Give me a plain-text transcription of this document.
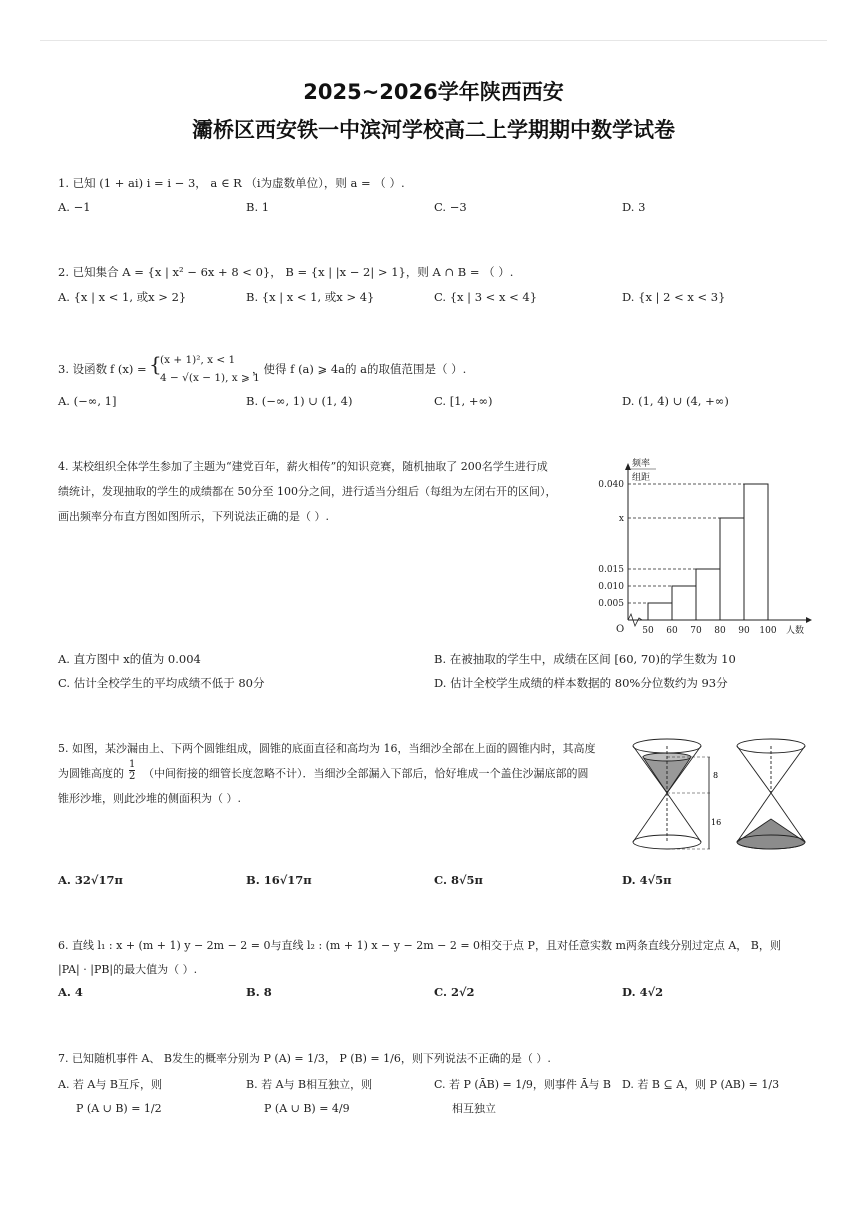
2025~2026学年陕西西安
灞桥区西安铁一中滨河学校高二上学期期中数学试卷
1. 已知 (1 + ai) i = i − 3， a ∈ R （i为虚数单位），则 a = （ ）.
A. −1	B. 1	C. −3	D. 3
2. 已知集合 A = {x | x² − 6x + 8 < 0}， B = {x | |x − 2| > 1}，则 A ∩ B = （ ）.
A. {x | x < 1, 或x > 2}	B. {x | x < 1, 或x > 4}	C. {x | 3 < x < 4}	D. {x | 2 < x < 3}
3. 设函数 f (x) = {
(x + 1)², x < 1
4 − √(x − 1), x ⩾ 1
，使得 f (a) ⩾ 4a的 a的取值范围是（ ）.
A. (−∞, 1]	B. (−∞, 1) ∪ (1, 4)	C. [1, +∞)	D. (1, 4) ∪ (4, +∞)
4. 某校组织全体学生参加了主题为“建党百年，薪火相传”的知识竞赛，随机抽取了 200名学生进行成
绩统计，发现抽取的学生的成绩都在 50分至 100分之间，进行适当分组后（每组为左闭右开的区间），
画出频率分布直方图如图所示，下列说法正确的是（ ）.
频率
组距
O	人数
0.005
0.010
0.015
x
0.040
50 60 70 80 90 100
A. 直方图中 x的值为 0.004	B. 在被抽取的学生中，成绩在区间 [60, 70)的学生数为 10
C. 估计全校学生的平均成绩不低于 80分	D. 估计全校学生成绩的样本数据的 80%分位数约为 93分
5. 如图，某沙漏由上、下两个圆锥组成，圆锥的底面直径和高均为 16，当细沙全部在上面的圆锥内时，其高度
为圆锥高度的 $\frac{1}{2}$ （中间衔接的细管长度忽略不计）．当细沙全部漏入下部后，恰好堆成一个盖住沙漏底部的圆
锥形沙堆，则此沙堆的侧面积为（ ）.
8
16
A. 32√17π	B. 16√17π	C. 8√5π	D. 4√5π
6. 直线 l₁ : x + (m + 1) y − 2m − 2 = 0与直线 l₂ : (m + 1) x − y − 2m − 2 = 0相交于点 P，且对任意实数 m两条直线分别过定点 A， B，则
|PA| · |PB|的最大值为（ ）.
A. 4	B. 8	C. 2√2	D. 4√2
7. 已知随机事件 A、 B发生的概率分别为 P (A) = 1/3， P (B) = 1/6，则下列说法不正确的是（ ）.
A. 若 A与 B互斥，则
P (A ∪ B) = 1/2
B. 若 A与 B相互独立，则
P (A ∪ B) = 4/9
C. 若 P (ĀB) = 1/9，则事件 Ā与 B
相互独立
D. 若 B ⊆ A，则 P (AB) = 1/3
